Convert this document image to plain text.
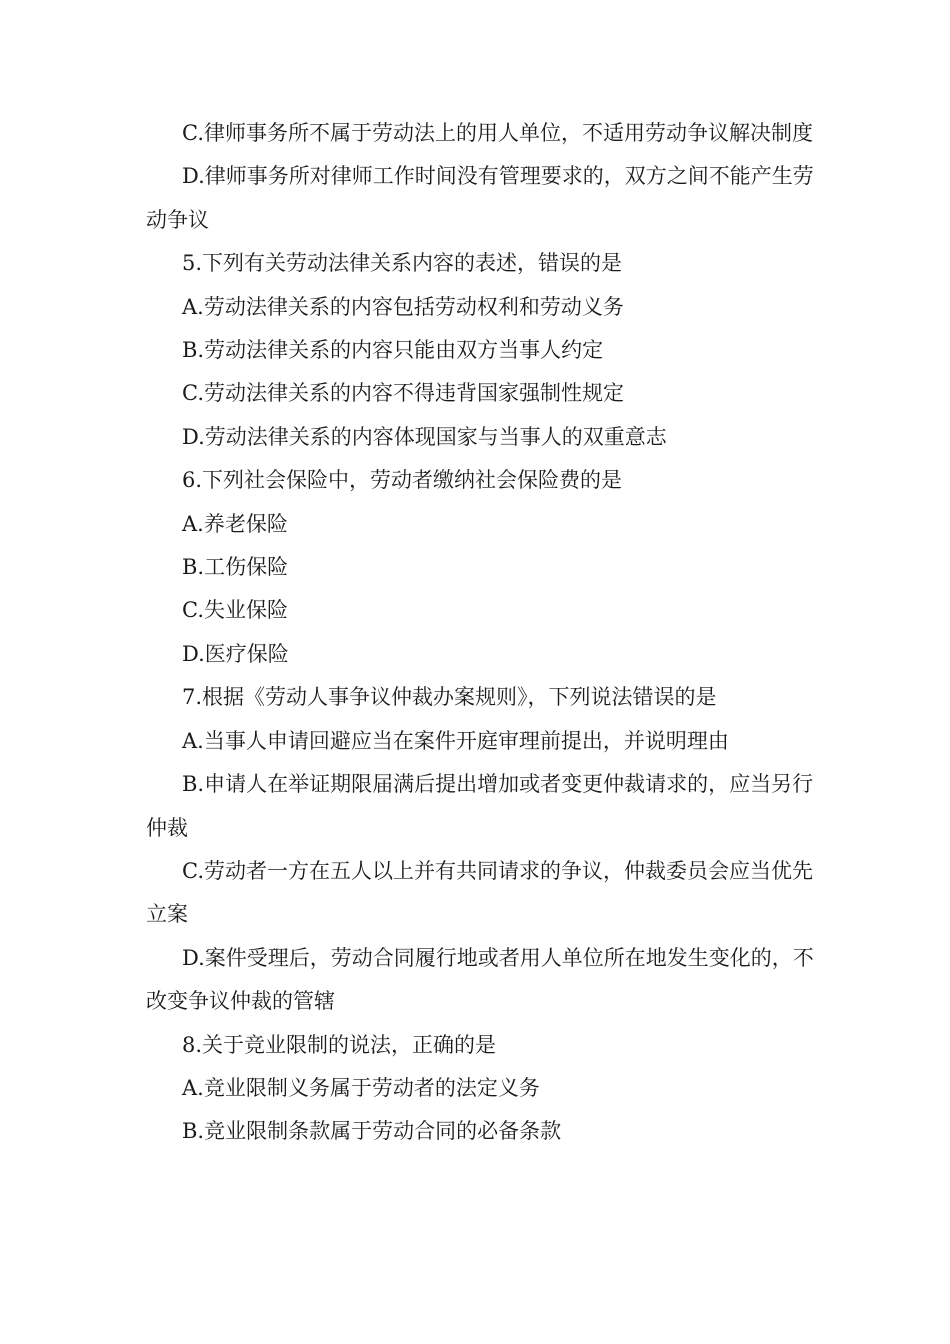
C.律师事务所不属于劳动法上的用人单位，不适用劳动争议解决制度

D.律师事务所对律师工作时间没有管理要求的，双方之间不能产生劳动争议

5.下列有关劳动法律关系内容的表述，错误的是

A.劳动法律关系的内容包括劳动权利和劳动义务

B.劳动法律关系的内容只能由双方当事人约定

C.劳动法律关系的内容不得违背国家强制性规定

D.劳动法律关系的内容体现国家与当事人的双重意志

6.下列社会保险中，劳动者缴纳社会保险费的是

A.养老保险

B.工伤保险

C.失业保险

D.医疗保险

7.根据《劳动人事争议仲裁办案规则》，下列说法错误的是

A.当事人申请回避应当在案件开庭审理前提出，并说明理由

B.申请人在举证期限届满后提出增加或者变更仲裁请求的，应当另行仲裁

C.劳动者一方在五人以上并有共同请求的争议，仲裁委员会应当优先立案

D.案件受理后，劳动合同履行地或者用人单位所在地发生变化的，不改变争议仲裁的管辖

8.关于竞业限制的说法，正确的是

A.竞业限制义务属于劳动者的法定义务

B.竞业限制条款属于劳动合同的必备条款
